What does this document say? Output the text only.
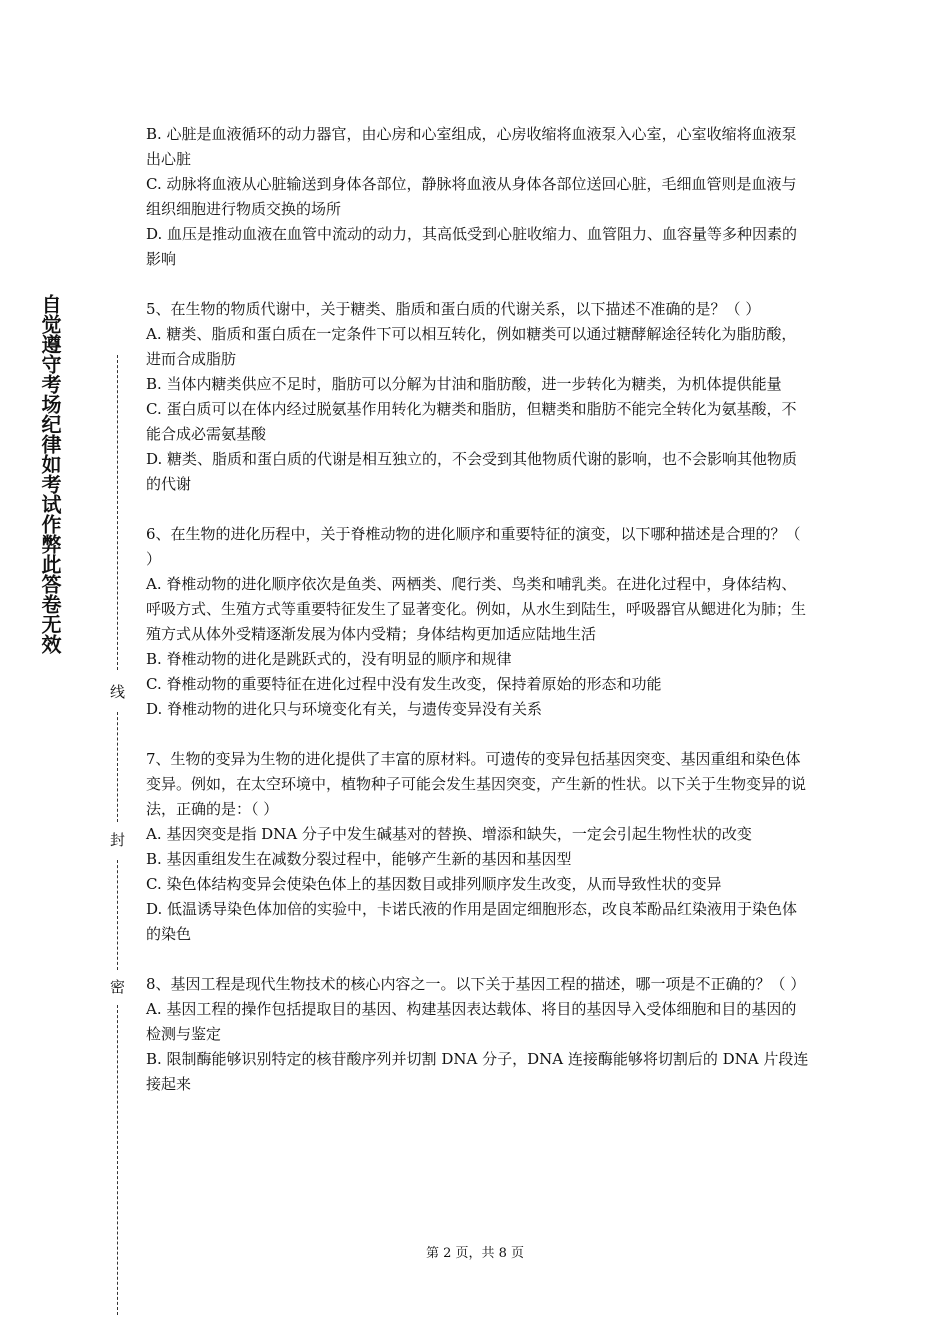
自觉遵守考场纪律如考试作弊此答卷无效
线
封
密

B. 心脏是血液循环的动力器官，由心房和心室组成，心房收缩将血液泵入心室，心室收缩将血液泵出心脏

C. 动脉将血液从心脏输送到身体各部位，静脉将血液从身体各部位送回心脏，毛细血管则是血液与组织细胞进行物质交换的场所

D. 血压是推动血液在血管中流动的动力，其高低受到心脏收缩力、血管阻力、血容量等多种因素的影响

5、在生物的物质代谢中，关于糖类、脂质和蛋白质的代谢关系，以下描述不准确的是？（ ）

A. 糖类、脂质和蛋白质在一定条件下可以相互转化，例如糖类可以通过糖酵解途径转化为脂肪酸，进而合成脂肪

B. 当体内糖类供应不足时，脂肪可以分解为甘油和脂肪酸，进一步转化为糖类，为机体提供能量

C. 蛋白质可以在体内经过脱氨基作用转化为糖类和脂肪，但糖类和脂肪不能完全转化为氨基酸，不能合成必需氨基酸

D. 糖类、脂质和蛋白质的代谢是相互独立的，不会受到其他物质代谢的影响，也不会影响其他物质的代谢

6、在生物的进化历程中，关于脊椎动物的进化顺序和重要特征的演变，以下哪种描述是合理的？（ ）

A. 脊椎动物的进化顺序依次是鱼类、两栖类、爬行类、鸟类和哺乳类。在进化过程中，身体结构、呼吸方式、生殖方式等重要特征发生了显著变化。例如，从水生到陆生，呼吸器官从鳃进化为肺；生殖方式从体外受精逐渐发展为体内受精；身体结构更加适应陆地生活

B. 脊椎动物的进化是跳跃式的，没有明显的顺序和规律

C. 脊椎动物的重要特征在进化过程中没有发生改变，保持着原始的形态和功能

D. 脊椎动物的进化只与环境变化有关，与遗传变异没有关系

7、生物的变异为生物的进化提供了丰富的原材料。可遗传的变异包括基因突变、基因重组和染色体变异。例如，在太空环境中，植物种子可能会发生基因突变，产生新的性状。以下关于生物变异的说法，正确的是：（ ）

A. 基因突变是指 DNA 分子中发生碱基对的替换、增添和缺失，一定会引起生物性状的改变

B. 基因重组发生在减数分裂过程中，能够产生新的基因和基因型

C. 染色体结构变异会使染色体上的基因数目或排列顺序发生改变，从而导致性状的变异

D. 低温诱导染色体加倍的实验中，卡诺氏液的作用是固定细胞形态，改良苯酚品红染液用于染色体的染色

8、基因工程是现代生物技术的核心内容之一。以下关于基因工程的描述，哪一项是不正确的？（ ）

A. 基因工程的操作包括提取目的基因、构建基因表达载体、将目的基因导入受体细胞和目的基因的检测与鉴定

B. 限制酶能够识别特定的核苷酸序列并切割 DNA 分子，DNA 连接酶能够将切割后的 DNA 片段连接起来

第 2 页，共 8 页
